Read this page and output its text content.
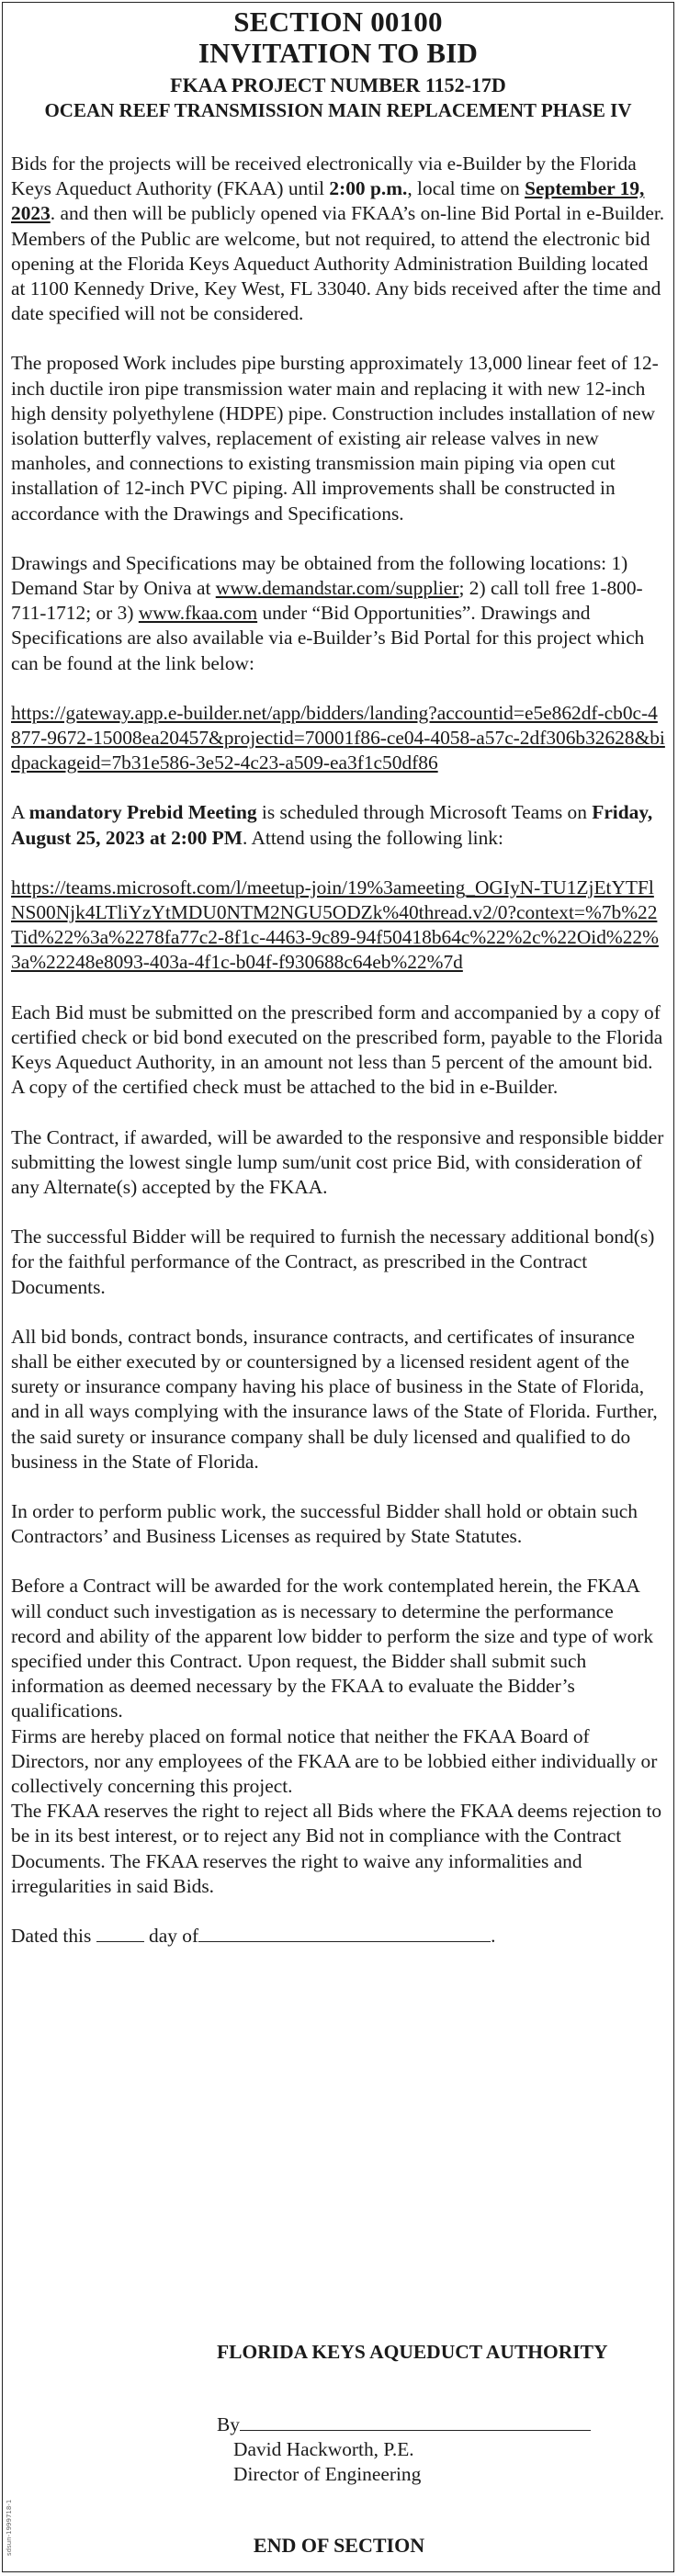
SECTION 00100
INVITATION TO BID
FKAA PROJECT NUMBER 1152-17D
OCEAN REEF TRANSMISSION MAIN REPLACEMENT PHASE IV

Bids for the projects will be received electronically via e-Builder by the Florida Keys Aqueduct Authority (FKAA) until 2:00 p.m., local time on September 19, 2023. and then will be publicly opened via FKAA’s on-line Bid Portal in e-Builder. Members of the Public are welcome, but not required, to attend the electronic bid opening at the Florida Keys Aqueduct Authority Administration Building located at 1100 Kennedy Drive, Key West, FL 33040. Any bids received after the time and date specified will not be considered.

The proposed Work includes pipe bursting approximately 13,000 linear feet of 12-inch ductile iron pipe transmission water main and replacing it with new 12-inch high density polyethylene (HDPE) pipe. Construction includes installation of new isolation butterfly valves, replacement of existing air release valves in new manholes, and connections to existing transmission main piping via open cut installation of 12-inch PVC piping. All improvements shall be constructed in accordance with the Drawings and Specifications.

Drawings and Specifications may be obtained from the following locations: 1) Demand Star by Oniva at www.demandstar.com/supplier; 2) call toll free 1-800-711-1712; or 3) www.fkaa.com under “Bid Opportunities”. Drawings and Specifications are also available via e-Builder’s Bid Portal for this project which can be found at the link below:

https://gateway.app.e-builder.net/app/bidders/landing?accountid=e5e862df-cb0c-4877-9672-15008ea20457&projectid=70001f86-ce04-4058-a57c-2df306b32628&bidpackageid=7b31e586-3e52-4c23-a509-ea3f1c50df86

A mandatory Prebid Meeting is scheduled through Microsoft Teams on Friday, August 25, 2023 at 2:00 PM. Attend using the following link:

https://teams.microsoft.com/l/meetup-join/19%3ameeting_OGIyN-TU1ZjEtYTFlNS00Njk4LTliYzYtMDU0NTM2NGU5ODZk%40thread.v2/0?context=%7b%22Tid%22%3a%2278fa77c2-8f1c-4463-9c89-94f50418b64c%22%2c%22Oid%22%3a%22248e8093-403a-4f1c-b04f-f930688c64eb%22%7d

Each Bid must be submitted on the prescribed form and accompanied by a copy of certified check or bid bond executed on the prescribed form, payable to the Florida Keys Aqueduct Authority, in an amount not less than 5 percent of the amount bid. A copy of the certified check must be attached to the bid in e-Builder.

The Contract, if awarded, will be awarded to the responsive and responsible bidder submitting the lowest single lump sum/unit cost price Bid, with consideration of any Alternate(s) accepted by the FKAA.

The successful Bidder will be required to furnish the necessary additional bond(s) for the faithful performance of the Contract, as prescribed in the Contract Documents.

All bid bonds, contract bonds, insurance contracts, and certificates of insurance shall be either executed by or countersigned by a licensed resident agent of the surety or insurance company having his place of business in the State of Florida, and in all ways complying with the insurance laws of the State of Florida. Further, the said surety or insurance company shall be duly licensed and qualified to do business in the State of Florida.

In order to perform public work, the successful Bidder shall hold or obtain such Contractors’ and Business Licenses as required by State Statutes.

Before a Contract will be awarded for the work contemplated herein, the FKAA will conduct such investigation as is necessary to determine the performance record and ability of the apparent low bidder to perform the size and type of work specified under this Contract. Upon request, the Bidder shall submit such information as deemed necessary by the FKAA to evaluate the Bidder’s qualifications.

Firms are hereby placed on formal notice that neither the FKAA Board of Directors, nor any employees of the FKAA are to be lobbied either individually or collectively concerning this project.

The FKAA reserves the right to reject all Bids where the FKAA deems rejection to be in its best interest, or to reject any Bid not in compliance with the Contract Documents. The FKAA reserves the right to waive any informalities and irregularities in said Bids.

Dated this  day of	.

FLORIDA KEYS AQUEDUCT AUTHORITY
By
David Hackworth, P.E.
Director of Engineering
END OF SECTION
sdsun-1999718-1
